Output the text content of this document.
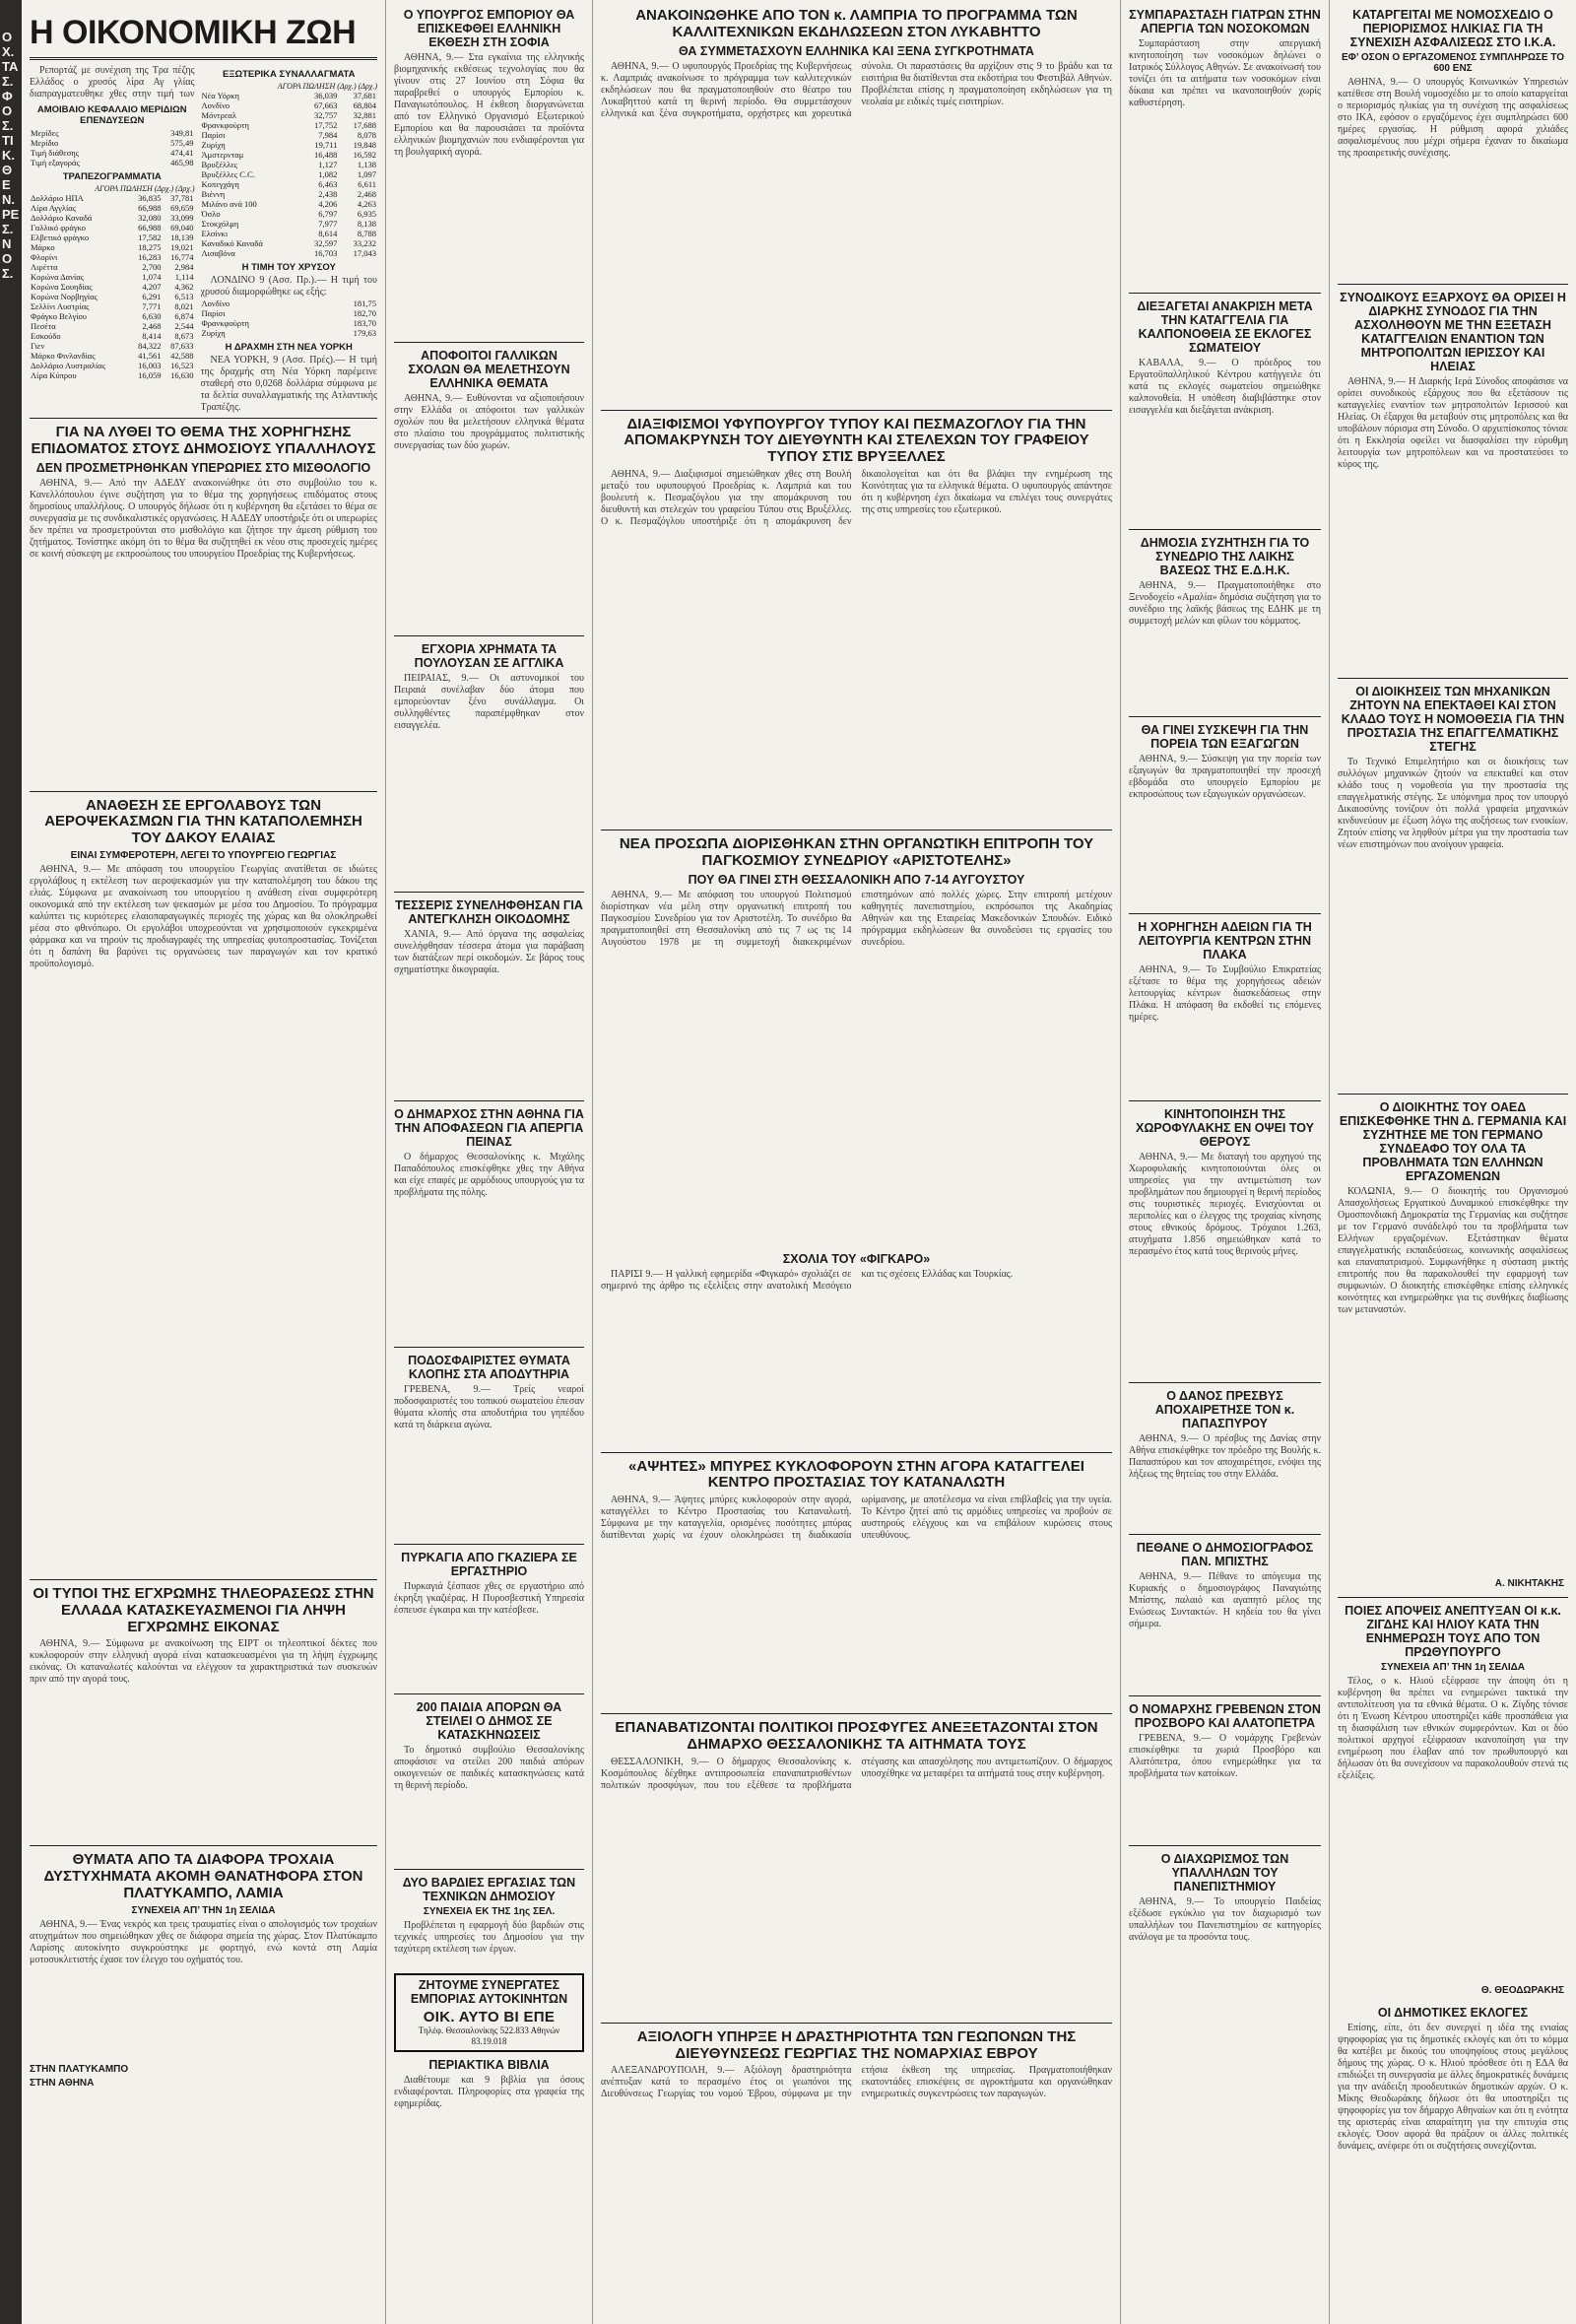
ΟΧ. ΤΑΣ. ΦΟΣ. ΤΙΚ. ΘΕΝ. ΡΕΣ. ΝΟΣ.
Η ΟΙΚΟΝΟΜΙΚΗ ΖΩΗ

Ρεπορτάζ με συνέχιση της Τρα πέζης Ελλάδος ο χρυσός λίρα Αγ γλίας διαπραγματευθηκε χθες στην τιμή των

ΑΜΟΙΒΑΙΟ ΚΕΦΑΛΑΙΟ ΜΕΡΙΔΙΩΝ ΕΠΕΝΔΥΣΕΩΝ
Μερίδες	349,81
Μερίδιο	575,49
Τιμή διάθεσης	474,41
Τιμή εξαγοράς	465,98
ΤΡΑΠΕΖΟΓΡΑΜΜΑΤΙΑ
ΑΓΟΡΑ ΠΩΛΗΣΗ (Δρχ.) (Δρχ.)
Δολλάριο ΗΠΑ	36,835	37,781
Λίρα Αγγλίας	66,988	69,659
Δολλάριο Καναδά	32,080	33,099
Γαλλικό φράγκο	66,988	69,040
Ελβετικό φράγκο	17,582	18,139
Μάρκο	18,275	19,021
Φλορίνι	16,283	16,774
Λιρέττα	2,700	2,984
Κορώνα Δανίας	1,074	1,114
Κορώνα Σουηδίας	4,207	4,362
Κορώνα Νορβηγίας	6,291	6,513
Σελλίνι Αυστρίας	7,771	8,021
Φράγκο Βελγίου	6,630	6,874
Πεσέτα	2,468	2,544
Εσκούδο	8,414	8,673
Γιεν	84,322	87,633
Μάρκο Φινλανδίας	41,561	42,588
Δολλάριο Αυστραλίας	16,003	16,523
Λίρα Κύπρου	16,059	16,630
ΕΞΩΤΕΡΙΚΑ ΣΥΝΑΛΛΑΓΜΑΤΑ
ΑΓΟΡΑ ΠΩΛΗΣΗ (Δρχ.) (Δρχ.)
Νέα Υόρκη	36,039	37,681
Λονδίνο	67,663	68,804
Μόντρεαλ	32,757	32,881
Φρανκφούρτη	17,752	17,688
Παρίσι	7,984	8,078
Ζυρίχη	19,711	19,848
Άμστερνταμ	16,488	16,592
Βρυξέλλες	1,127	1,138
Βρυξέλλες C.C.	1,082	1,097
Κοπεγχάγη	6,463	6,611
Βιέννη	2,438	2,468
Μιλάνο ανά 100	4,206	4,263
Όσλο	6,797	6,935
Στοκχόλμη	7,977	8,138
Ελσίνκι	8,614	8,788
Καναδικό Καναδά	32,597	33,232
Λισαβόνα	16,703	17,043
Η ΤΙΜΗ ΤΟΥ ΧΡΥΣΟΥ

ΛΟΝΔΙΝΟ 9 (Ασσ. Πρ.).— Η τιμή του χρυσού διαμορφώθηκε ως εξής:

Λονδίνο	181,75
Παρίσι	182,70
Φρανκφούρτη	183,70
Ζυρίχη	179,63
Η ΔΡΑΧΜΗ ΣΤΗ ΝΕΑ ΥΟΡΚΗ

ΝΕΑ ΥΟΡΚΗ, 9 (Ασσ. Πρές).— Η τιμή της δραχμής στη Νέα Υόρκη παρέμεινε σταθερή στο 0,0268 δολλάρια σύμφωνα με τα δελτία συναλλαγματικής της Ατλαντικής Τραπέζης.

ΓΙΑ ΝΑ ΛΥΘΕΙ ΤΟ ΘΕΜΑ ΤΗΣ ΧΟΡΗΓΗΣΗΣ ΕΠΙΔΟΜΑΤΟΣ ΣΤΟΥΣ ΔΗΜΟΣΙΟΥΣ ΥΠΑΛΛΗΛΟΥΣ
ΔΕΝ ΠΡΟΣΜΕΤΡΗΘΗΚΑΝ ΥΠΕΡΩΡΙΕΣ ΣΤΟ ΜΙΣΘΟΛΟΓΙΟ

ΑΘΗΝΑ, 9.— Από την ΑΔΕΔΥ ανακοινώθηκε ότι στο συμβούλιο του κ. Κανελλόπουλου έγινε συζήτηση για το θέμα της χορηγήσεως επιδόματος στους δημοσίους υπαλλήλους. Ο υπουργός δήλωσε ότι η κυβέρνηση θα εξετάσει το θέμα σε συνεργασία με τις συνδικαλιστικές οργανώσεις. Η ΑΔΕΔΥ υποστήριξε ότι οι υπερωρίες δεν πρέπει να προσμετρούνται στο μισθολόγιο και ζήτησε την άμεση ρύθμιση του ζητήματος. Τονίστηκε ακόμη ότι το θέμα θα συζητηθεί εκ νέου στις προσεχείς ημέρες σε κοινή σύσκεψη με εκπροσώπους του υπουργείου Προεδρίας της Κυβερνήσεως.

ΑΝΑΘΕΣΗ ΣΕ ΕΡΓΟΛΑΒΟΥΣ ΤΩΝ ΑΕΡΟΨΕΚΑΣΜΩΝ ΓΙΑ ΤΗΝ ΚΑΤΑΠΟΛΕΜΗΣΗ ΤΟΥ ΔΑΚΟΥ ΕΛΑΙΑΣ
ΕΙΝΑΙ ΣΥΜΦΕΡΟΤΕΡΗ, ΛΕΓΕΙ ΤΟ ΥΠΟΥΡΓΕΙΟ ΓΕΩΡΓΙΑΣ

ΑΘΗΝΑ, 9.— Με απόφαση του υπουργείου Γεωργίας ανατίθεται σε ιδιώτες εργολάβους η εκτέλεση των αεροψεκασμών για την καταπολέμηση του δάκου της ελιάς. Σύμφωνα με ανακοίνωση του υπουργείου η ανάθεση είναι συμφερότερη οικονομικά από την εκτέλεση των ψεκασμών με μέσα του Δημοσίου. Το πρόγραμμα καλύπτει τις κυριότερες ελαιοπαραγωγικές περιοχές της χώρας και θα ολοκληρωθεί μέσα στο φθινόπωρο. Οι εργολάβοι υποχρεούνται να χρησιμοποιούν εγκεκριμένα φάρμακα και να τηρούν τις προδιαγραφές της υπηρεσίας φυτοπροστασίας. Τονίζεται ότι η δαπάνη θα βαρύνει τις οργανώσεις των παραγωγών και τον κρατικό προϋπολογισμό.

ΟΙ ΤΥΠΟΙ ΤΗΣ ΕΓΧΡΩΜΗΣ ΤΗΛΕΟΡΑΣΕΩΣ ΣΤΗΝ ΕΛΛΑΔΑ ΚΑΤΑΣΚΕΥΑΣΜΕΝΟΙ ΓΙΑ ΛΗΨΗ ΕΓΧΡΩΜΗΣ ΕΙΚΟΝΑΣ

ΑΘΗΝΑ, 9.— Σύμφωνα με ανακοίνωση της ΕΙΡΤ οι τηλεοπτικοί δέκτες που κυκλοφορούν στην ελληνική αγορά είναι κατασκευασμένοι για τη λήψη έγχρωμης εικόνας. Οι καταναλωτές καλούνται να ελέγχουν τα χαρακτηριστικά των συσκευών πριν από την αγορά τους.

ΘΥΜΑΤΑ ΑΠΟ ΤΑ ΔΙΑΦΟΡΑ ΤΡΟΧΑΙΑ ΔΥΣΤΥΧΗΜΑΤΑ ΑΚΟΜΗ ΘΑΝΑΤΗΦΟΡΑ ΣΤΟΝ ΠΛΑΤΥΚΑΜΠΟ, ΛΑΜΙΑ
ΣΥΝΕΧΕΙΑ ΑΠ’ ΤΗΝ 1η ΣΕΛΙΔΑ

ΑΘΗΝΑ, 9.— Ένας νεκρός και τρεις τραυματίες είναι ο απολογισμός των τροχαίων ατυχημάτων που σημειώθηκαν χθες σε διάφορα σημεία της χώρας. Στον Πλατύκαμπο Λαρίσης αυτοκίνητο συγκρούστηκε με φορτηγό, ενώ κοντά στη Λαμία μοτοσυκλετιστής έχασε τον έλεγχο του οχήματός του.

ΣΤΗΝ ΠΛΑΤΥΚΑΜΠΟ
ΣΤΗΝ ΑΘΗΝΑ
Ο ΥΠΟΥΡΓΟΣ ΕΜΠΟΡΙΟΥ ΘΑ ΕΠΙΣΚΕΦΘΕΙ ΕΛΛΗΝΙΚΗ ΕΚΘΕΣΗ ΣΤΗ ΣΟΦΙΑ

ΑΘΗΝΑ, 9.— Στα εγκαίνια της ελληνικής βιομηχανικής εκθέσεως τεχνολογίας που θα γίνουν στις 27 Ιουνίου στη Σόφια θα παραβρεθεί ο υπουργός Εμπορίου κ. Παναγιωτόπουλος. Η έκθεση διοργανώνεται από τον Ελληνικό Οργανισμό Εξωτερικού Εμπορίου και θα παρουσιάσει τα προϊόντα ελληνικών βιομηχανιών που ενδιαφέρονται για τη βουλγαρική αγορά.

ΑΠΟΦΟΙΤΟΙ ΓΑΛΛΙΚΩΝ ΣΧΟΛΩΝ ΘΑ ΜΕΛΕΤΗΣΟΥΝ ΕΛΛΗΝΙΚΑ ΘΕΜΑΤΑ

ΑΘΗΝΑ, 9.— Ευθύνονται να αξιοποιήσουν στην Ελλάδα οι απόφοιτοι των γαλλικών σχολών που θα μελετήσουν ελληνικά θέματα στο πλαίσιο του προγράμματος πολιτιστικής συνεργασίας των δύο χωρών.

ΕΓΧΟΡΙΑ ΧΡΗΜΑΤΑ ΤΑ ΠΟΥΛΟΥΣΑΝ ΣΕ ΑΓΓΛΙΚΑ

ΠΕΙΡΑΙΑΣ, 9.— Οι αστυνομικοί του Πειραιά συνέλαβαν δύο άτομα που εμπορεύονταν ξένο συνάλλαγμα. Οι συλληφθέντες παραπέμφθηκαν στον εισαγγελέα.

ΤΕΣΣΕΡΙΣ ΣΥΝΕΛΗΦΘΗΣΑΝ ΓΙΑ ΑΝΤΕΓΚΛΗΣΗ ΟΙΚΟΔΟΜΗΣ

ΧΑΝΙΑ, 9.— Από όργανα της ασφαλείας συνελήφθησαν τέσσερα άτομα για παράβαση των διατάξεων περί οικοδομών. Σε βάρος τους σχηματίστηκε δικογραφία.

Ο ΔΗΜΑΡΧΟΣ ΣΤΗΝ ΑΘΗΝΑ ΓΙΑ ΤΗΝ ΑΠΟΦΑΣΕΩΝ ΓΙΑ ΑΠΕΡΓΙΑ ΠΕΙΝΑΣ

Ο δήμαρχος Θεσσαλονίκης κ. Μιχάλης Παπαδόπουλος επισκέφθηκε χθες την Αθήνα και είχε επαφές με αρμόδιους υπουργούς για τα προβλήματα της πόλης.

ΠΟΔΟΣΦΑΙΡΙΣΤΕΣ ΘΥΜΑΤΑ ΚΛΟΠΗΣ ΣΤΑ ΑΠΟΔΥΤΗΡΙΑ

ΓΡΕΒΕΝΑ, 9.— Τρείς νεαροί ποδοσφαιριστές του τοπικού σωματείου έπεσαν θύματα κλοπής στα αποδυτήρια του γηπέδου κατά τη διάρκεια αγώνα.

ΠΥΡΚΑΓΙΑ ΑΠΟ ΓΚΑΖΙΕΡΑ ΣΕ ΕΡΓΑΣΤΗΡΙΟ

Πυρκαγιά ξέσπασε χθες σε εργαστήριο από έκρηξη γκαζιέρας. Η Πυροσβεστική Υπηρεσία έσπευσε έγκαιρα και την κατέσβεσε.

200 ΠΑΙΔΙΑ ΑΠΟΡΩΝ ΘΑ ΣΤΕΙΛΕΙ Ο ΔΗΜΟΣ ΣΕ ΚΑΤΑΣΚΗΝΩΣΕΙΣ

Το δημοτικό συμβούλιο Θεσσαλονίκης αποφάσισε να στείλει 200 παιδιά απόρων οικογενειών σε παιδικές κατασκηνώσεις κατά τη θερινή περίοδο.

ΔΥΟ ΒΑΡΔΙΕΣ ΕΡΓΑΣΙΑΣ ΤΩΝ ΤΕΧΝΙΚΩΝ ΔΗΜΟΣΙΟΥ
ΣΥΝΕΧΕΙΑ ΕΚ ΤΗΣ 1ης ΣΕΛ.

Προβλέπεται η εφαρμογή δύο βαρδιών στις τεχνικές υπηρεσίες του Δημοσίου για την ταχύτερη εκτέλεση των έργων.

ΖΗΤΟΥΜΕ ΣΥΝΕΡΓΑΤΕΣ
ΕΜΠΟΡΙΑΣ ΑΥΤΟΚΙΝΗΤΩΝ
ΟΙΚ. ΑΥΤΟ ΒΙ ΕΠΕ
Τηλέφ. Θεσσαλονίκης 522.833 Αθηνών 83.19.018
ΠΕΡΙΑΚΤΙΚΑ ΒΙΒΛΙΑ

Διαθέτουμε και 9 βιβλία για όσους ενδιαφέρονται. Πληροφορίες στα γραφεία της εφημερίδας.

ΑΝΑΚΟΙΝΩΘΗΚΕ ΑΠΟ ΤΟΝ κ. ΛΑΜΠΡΙΑ ΤΟ ΠΡΟΓΡΑΜΜΑ ΤΩΝ ΚΑΛΛΙΤΕΧΝΙΚΩΝ ΕΚΔΗΛΩΣΕΩΝ ΣΤΟΝ ΛΥΚΑΒΗΤΤΟ
ΘΑ ΣΥΜΜΕΤΑΣΧΟΥΝ ΕΛΛΗΝΙΚΑ ΚΑΙ ΞΕΝΑ ΣΥΓΚΡΟΤΗΜΑΤΑ

ΑΘΗΝΑ, 9.— Ο υφυπουργός Προεδρίας της Κυβερνήσεως κ. Λαμπριάς ανακοίνωσε το πρόγραμμα των καλλιτεχνικών εκδηλώσεων που θα πραγματοποιηθούν στο θέατρο του Λυκαβηττού κατά τη θερινή περίοδο. Θα συμμετάσχουν ελληνικά και ξένα συγκροτήματα, ορχήστρες και χορευτικά σύνολα. Οι παραστάσεις θα αρχίζουν στις 9 το βράδυ και τα εισιτήρια θα διατίθενται στα εκδοτήρια του Φεστιβάλ Αθηνών. Προβλέπεται επίσης η πραγματοποίηση εκδηλώσεων για τη νεολαία με ειδικές τιμές εισιτηρίων.

ΔΙΑΞΙΦΙΣΜΟΙ ΥΦΥΠΟΥΡΓΟΥ ΤΥΠΟΥ ΚΑΙ ΠΕΣΜΑΖΟΓΛΟΥ ΓΙΑ ΤΗΝ ΑΠΟΜΑΚΡΥΝΣΗ ΤΟΥ ΔΙΕΥΘΥΝΤΗ ΚΑΙ ΣΤΕΛΕΧΩΝ ΤΟΥ ΓΡΑΦΕΙΟΥ ΤΥΠΟΥ ΣΤΙΣ ΒΡΥΞΕΛΛΕΣ

ΑΘΗΝΑ, 9.— Διαξιφισμοί σημειώθηκαν χθες στη Βουλή μεταξύ του υφυπουργού Προεδρίας κ. Λαμπριά και του βουλευτή κ. Πεσμαζόγλου για την απομάκρυνση του διευθυντή και στελεχών του γραφείου Τύπου στις Βρυξέλλες. Ο κ. Πεσμαζόγλου υποστήριξε ότι η απομάκρυνση δεν δικαιολογείται και ότι θα βλάψει την ενημέρωση της Κοινότητας για τα ελληνικά θέματα. Ο υφυπουργός απάντησε ότι η κυβέρνηση έχει δικαίωμα να επιλέγει τους συνεργάτες της στις υπηρεσίες του εξωτερικού.

ΝΕΑ ΠΡΟΣΩΠΑ ΔΙΟΡΙΣΘΗΚΑΝ ΣΤΗΝ ΟΡΓΑΝΩΤΙΚΗ ΕΠΙΤΡΟΠΗ ΤΟΥ ΠΑΓΚΟΣΜΙΟΥ ΣΥΝΕΔΡΙΟΥ «ΑΡΙΣΤΟΤΕΛΗΣ»
ΠΟΥ ΘΑ ΓΙΝΕΙ ΣΤΗ ΘΕΣΣΑΛΟΝΙΚΗ ΑΠΟ 7-14 ΑΥΓΟΥΣΤΟΥ

ΑΘΗΝΑ, 9.— Με απόφαση του υπουργού Πολιτισμού διορίστηκαν νέα μέλη στην οργανωτική επιτροπή του Παγκοσμίου Συνεδρίου για τον Αριστοτέλη. Το συνέδριο θα πραγματοποιηθεί στη Θεσσαλονίκη από τις 7 ως τις 14 Αυγούστου 1978 με τη συμμετοχή διακεκριμένων επιστημόνων από πολλές χώρες. Στην επιτροπή μετέχουν καθηγητές πανεπιστημίου, εκπρόσωποι της Ακαδημίας Αθηνών και της Εταιρείας Μακεδονικών Σπουδών. Ειδικό πρόγραμμα εκδηλώσεων θα συνοδεύσει τις εργασίες του συνεδρίου.

ΣΧΟΛΙΑ ΤΟΥ «ΦΙΓΚΑΡΟ»

ΠΑΡΙΣΙ 9.— Η γαλλική εφημερίδα «Φιγκαρό» σχολιάζει σε σημερινό της άρθρο τις εξελίξεις στην ανατολική Μεσόγειο και τις σχέσεις Ελλάδας και Τουρκίας.

«ΑΨΗΤΕΣ» ΜΠΥΡΕΣ ΚΥΚΛΟΦΟΡΟΥΝ ΣΤΗΝ ΑΓΟΡΑ ΚΑΤΑΓΓΕΛΕΙ ΚΕΝΤΡΟ ΠΡΟΣΤΑΣΙΑΣ ΤΟΥ ΚΑΤΑΝΑΛΩΤΗ

ΑΘΗΝΑ, 9.— Άψητες μπύρες κυκλοφορούν στην αγορά, καταγγέλλει το Κέντρο Προστασίας του Καταναλωτή. Σύμφωνα με την καταγγελία, ορισμένες ποσότητες μπύρας διατίθενται χωρίς να έχουν ολοκληρώσει τη διαδικασία ωρίμανσης, με αποτέλεσμα να είναι επιβλαβείς για την υγεία. Το Κέντρο ζητεί από τις αρμόδιες υπηρεσίες να προβούν σε αυστηρούς ελέγχους και να επιβάλουν κυρώσεις στους υπευθύνους.

ΕΠΑΝΑΒΑΤΙΖΟΝΤΑΙ ΠΟΛΙΤΙΚΟΙ ΠΡΟΣΦΥΓΕΣ ΑΝΕΞΕΤΑΖΟΝΤΑΙ ΣΤΟΝ ΔΗΜΑΡΧΟ ΘΕΣΣΑΛΟΝΙΚΗΣ ΤΑ ΑΙΤΗΜΑΤΑ ΤΟΥΣ

ΘΕΣΣΑΛΟΝΙΚΗ, 9.— Ο δήμαρχος Θεσσαλονίκης κ. Κοσμόπουλος δέχθηκε αντιπροσωπεία επαναπατρισθέντων πολιτικών προσφύγων, που του εξέθεσε τα προβλήματα στέγασης και απασχόλησης που αντιμετωπίζουν. Ο δήμαρχος υποσχέθηκε να μεταφέρει τα αιτήματά τους στην κυβέρνηση.

ΑΞΙΟΛΟΓΗ ΥΠΗΡΞΕ Η ΔΡΑΣΤΗΡΙΟΤΗΤΑ ΤΩΝ ΓΕΩΠΟΝΩΝ ΤΗΣ ΔΙΕΥΘΥΝΣΕΩΣ ΓΕΩΡΓΙΑΣ ΤΗΣ ΝΟΜΑΡΧΙΑΣ ΕΒΡΟΥ

ΑΛΕΞΑΝΔΡΟΥΠΟΛΗ, 9.— Αξιόλογη δραστηριότητα ανέπτυξαν κατά το περασμένο έτος οι γεωπόνοι της Διευθύνσεως Γεωργίας του νομού Έβρου, σύμφωνα με την ετήσια έκθεση της υπηρεσίας. Πραγματοποιήθηκαν εκατοντάδες επισκέψεις σε αγροκτήματα και οργανώθηκαν ενημερωτικές συγκεντρώσεις των παραγωγών.

ΣΥΜΠΑΡΑΣΤΑΣΗ ΓΙΑΤΡΩΝ ΣΤΗΝ ΑΠΕΡΓΙΑ ΤΩΝ ΝΟΣΟΚΟΜΩΝ

Συμπαράσταση στην απεργιακή κινητοποίηση των νοσοκόμων δηλώνει ο Ιατρικός Σύλλογος Αθηνών. Σε ανακοίνωσή του τονίζει ότι τα αιτήματα των νοσοκόμων είναι δίκαια και πρέπει να ικανοποιηθούν χωρίς καθυστέρηση.

ΔΙΕΞΑΓΕΤΑΙ ΑΝΑΚΡΙΣΗ ΜΕΤΑ ΤΗΝ ΚΑΤΑΓΓΕΛΙΑ ΓΙΑ ΚΑΛΠΟΝΟΘΕΙΑ ΣΕ ΕΚΛΟΓΕΣ ΣΩΜΑΤΕΙΟΥ

ΚΑΒΑΛΑ, 9.— Ο πρόεδρος του Εργατοϋπαλληλικού Κέντρου κατήγγειλε ότι κατά τις εκλογές σωματείου σημειώθηκε καλπονοθεία. Η υπόθεση διαβιβάστηκε στον εισαγγελέα και διεξάγεται ανάκριση.

ΔΗΜΟΣΙΑ ΣΥΖΗΤΗΣΗ ΓΙΑ ΤΟ ΣΥΝΕΔΡΙΟ ΤΗΣ ΛΑΙΚΗΣ ΒΑΣΕΩΣ ΤΗΣ Ε.Δ.Η.Κ.

ΑΘΗΝΑ, 9.— Πραγματοποιήθηκε στο Ξενοδοχείο «Αμαλία» δημόσια συζήτηση για το συνέδριο της λαϊκής βάσεως της ΕΔΗΚ με τη συμμετοχή μελών και φίλων του κόμματος.

ΘΑ ΓΙΝΕΙ ΣΥΣΚΕΨΗ ΓΙΑ ΤΗΝ ΠΟΡΕΙΑ ΤΩΝ ΕΞΑΓΩΓΩΝ

ΑΘΗΝΑ, 9.— Σύσκεψη για την πορεία των εξαγωγών θα πραγματοποιηθεί την προσεχή εβδομάδα στο υπουργείο Εμπορίου με εκπροσώπους των εξαγωγικών οργανώσεων.

Η ΧΟΡΗΓΗΣΗ ΑΔΕΙΩΝ ΓΙΑ ΤΗ ΛΕΙΤΟΥΡΓΙΑ ΚΕΝΤΡΩΝ ΣΤΗΝ ΠΛΑΚΑ

ΑΘΗΝΑ, 9.— Το Συμβούλιο Επικρατείας εξέτασε το θέμα της χορηγήσεως αδειών λειτουργίας κέντρων διασκεδάσεως στην Πλάκα. Η απόφαση θα εκδοθεί τις επόμενες ημέρες.

ΚΙΝΗΤΟΠΟΙΗΣΗ ΤΗΣ ΧΩΡΟΦΥΛΑΚΗΣ ΕΝ ΟΨΕΙ ΤΟΥ ΘΕΡΟΥΣ

ΑΘΗΝΑ, 9.— Με διαταγή του αρχηγού της Χωροφυλακής κινητοποιούνται όλες οι υπηρεσίες για την αντιμετώπιση των προβλημάτων που δημιουργεί η θερινή περίοδος στις τουριστικές περιοχές. Ενισχύονται οι περιπολίες και ο έλεγχος της τροχαίας κίνησης στους εθνικούς δρόμους. Τρόχαιοι 1.263, ατυχήματα 1.856 σημειώθηκαν κατά το περασμένο έτος κατά τους θερινούς μήνες.

Ο ΔΑΝΟΣ ΠΡΕΣΒΥΣ ΑΠΟΧΑΙΡΕΤΗΣΕ ΤΟΝ κ. ΠΑΠΑΣΠΥΡΟΥ

ΑΘΗΝΑ, 9.— Ο πρέσβυς της Δανίας στην Αθήνα επισκέφθηκε τον πρόεδρο της Βουλής κ. Παπασπύρου και τον αποχαιρέτησε, ενόψει της λήξεως της θητείας του στην Ελλάδα.

ΠΕΘΑΝΕ Ο ΔΗΜΟΣΙΟΓΡΑΦΟΣ ΠΑΝ. ΜΠΙΣΤΗΣ

ΑΘΗΝΑ, 9.— Πέθανε το απόγευμα της Κυριακής ο δημοσιογράφος Παναγιώτης Μπίστης, παλαιό και αγαπητό μέλος της Ενώσεως Συντακτών. Η κηδεία του θα γίνει σήμερα.

Ο ΝΟΜΑΡΧΗΣ ΓΡΕΒΕΝΩΝ ΣΤΟΝ ΠΡΟΣΒΟΡΟ ΚΑΙ ΑΛΑΤΟΠΕΤΡΑ

ΓΡΕΒΕΝΑ, 9.— Ο νομάρχης Γρεβενών επισκέφθηκε τα χωριά Προσβόρο και Αλατόπετρα, όπου ενημερώθηκε για τα προβλήματα των κατοίκων.

Ο ΔΙΑΧΩΡΙΣΜΟΣ ΤΩΝ ΥΠΑΛΛΗΛΩΝ ΤΟΥ ΠΑΝΕΠΙΣΤΗΜΙΟΥ

ΑΘΗΝΑ, 9.— Το υπουργείο Παιδείας εξέδωσε εγκύκλιο για τον διαχωρισμό των υπαλλήλων του Πανεπιστημίου σε κατηγορίες ανάλογα με τα προσόντα τους.

ΚΑΤΑΡΓΕΙΤΑΙ ΜΕ ΝΟΜΟΣΧΕΔΙΟ Ο ΠΕΡΙΟΡΙΣΜΟΣ ΗΛΙΚΙΑΣ ΓΙΑ ΤΗ ΣΥΝΕΧΙΣΗ ΑΣΦΑΛΙΣΕΩΣ ΣΤΟ Ι.Κ.Α.
ΕΦ’ ΟΣΟΝ Ο ΕΡΓΑΖΟΜΕΝΟΣ ΣΥΜΠΛΗΡΩΣΕ ΤΟ 600 ΕΝΣ

ΑΘΗΝΑ, 9.— Ο υπουργός Κοινωνικών Υπηρεσιών κατέθεσε στη Βουλή νομοσχέδιο με το οποίο καταργείται ο περιορισμός ηλικίας για τη συνέχιση της ασφαλίσεως στο ΙΚΑ, εφόσον ο εργαζόμενος έχει συμπληρώσει 600 ημέρες εργασίας. Η ρύθμιση αφορά χιλιάδες ασφαλισμένους που μέχρι σήμερα έχαναν το δικαίωμα της προαιρετικής συνέχισης.

ΣΥΝΟΔΙΚΟΥΣ ΕΞΑΡΧΟΥΣ ΘΑ ΟΡΙΣΕΙ Η ΔΙΑΡΚΗΣ ΣΥΝΟΔΟΣ ΓΙΑ ΤΗΝ ΑΣΧΟΛΗΘΟΥΝ ΜΕ ΤΗΝ ΕΞΕΤΑΣΗ ΚΑΤΑΓΓΕΛΙΩΝ ΕΝΑΝΤΙΟΝ ΤΩΝ ΜΗΤΡΟΠΟΛΙΤΩΝ ΙΕΡΙΣΣΟΥ ΚΑΙ ΗΛΕΙΑΣ

ΑΘΗΝΑ, 9.— Η Διαρκής Ιερά Σύνοδος αποφάσισε να ορίσει συνοδικούς εξάρχους που θα εξετάσουν τις καταγγελίες εναντίον των μητροπολιτών Ιερισσού και Ηλείας. Οι έξαρχοι θα μεταβούν στις μητροπόλεις και θα υποβάλουν πόρισμα στη Σύνοδο. Ο αρχιεπίσκοπος τόνισε ότι η Εκκλησία οφείλει να διασφαλίσει την εύρυθμη λειτουργία των μητροπόλεων και να προστατεύσει το κύρος της.

ΟΙ ΔΙΟΙΚΗΣΕΙΣ ΤΩΝ ΜΗΧΑΝΙΚΩΝ ΖΗΤΟΥΝ ΝΑ ΕΠΕΚΤΑΘΕΙ ΚΑΙ ΣΤΟΝ ΚΛΑΔΟ ΤΟΥΣ Η ΝΟΜΟΘΕΣΙΑ ΓΙΑ ΤΗΝ ΠΡΟΣΤΑΣΙΑ ΤΗΣ ΕΠΑΓΓΕΛΜΑΤΙΚΗΣ ΣΤΕΓΗΣ

Το Τεχνικό Επιμελητήριο και οι διοικήσεις των συλλόγων μηχανικών ζητούν να επεκταθεί και στον κλάδο τους η νομοθεσία για την προστασία της επαγγελματικής στέγης. Σε υπόμνημα προς τον υπουργό Δικαιοσύνης τονίζουν ότι πολλά γραφεία μηχανικών κινδυνεύουν με έξωση λόγω της αυξήσεως των ενοικίων. Ζητούν επίσης να ληφθούν μέτρα για την προστασία των νέων επιστημόνων που ανοίγουν γραφεία.

Ο ΔΙΟΙΚΗΤΗΣ ΤΟΥ ΟΑΕΔ ΕΠΙΣΚΕΦΘΗΚΕ ΤΗΝ Δ. ΓΕΡΜΑΝΙΑ ΚΑΙ ΣΥΖΗΤΗΣΕ ΜΕ ΤΟΝ ΓΕΡΜΑΝΟ ΣΥΝΔΕΑΦΟ ΤΟΥ ΟΛΑ ΤΑ ΠΡΟΒΛΗΜΑΤΑ ΤΩΝ ΕΛΛΗΝΩΝ ΕΡΓΑΖΟΜΕΝΩΝ

ΚΟΛΩΝΙΑ, 9.— Ο διοικητής του Οργανισμού Απασχολήσεως Εργατικού Δυναμικού επισκέφθηκε την Ομοσπονδιακή Δημοκρατία της Γερμανίας και συζήτησε με τον Γερμανό συνάδελφό του τα προβλήματα των Ελλήνων εργαζομένων. Εξετάστηκαν θέματα επαγγελματικής εκπαιδεύσεως, κοινωνικής ασφαλίσεως και επαναπατρισμού. Συμφωνήθηκε η σύσταση μικτής επιτροπής που θα παρακολουθεί την εφαρμογή των συμφωνιών. Ο διοικητής επισκέφθηκε επίσης ελληνικές κοινότητες και ενημερώθηκε για τις συνθήκες διαβίωσης των μεταναστών.

Α. ΝΙΚΗΤΑΚΗΣ
ΠΟΙΕΣ ΑΠΟΨΕΙΣ ΑΝΕΠΤΥΞΑΝ ΟΙ κ.κ. ΖΙΓΔΗΣ ΚΑΙ ΗΛΙΟΥ ΚΑΤΑ ΤΗΝ ΕΝΗΜΕΡΩΣΗ ΤΟΥΣ ΑΠΟ ΤΟΝ ΠΡΩΘΥΠΟΥΡΓΟ
ΣΥΝΕΧΕΙΑ ΑΠ’ ΤΗΝ 1η ΣΕΛΙΔΑ

Τέλος, ο κ. Ηλιού εξέφρασε την άποψη ότι η κυβέρνηση θα πρέπει να ενημερώνει τακτικά την αντιπολίτευση για τα εθνικά θέματα. Ο κ. Ζίγδης τόνισε ότι η Ένωση Κέντρου υποστηρίζει κάθε προσπάθεια για τη διασφάλιση των εθνικών συμφερόντων. Και οι δύο πολιτικοί αρχηγοί εξέφρασαν ικανοποίηση για την ενημέρωση που έλαβαν από τον πρωθυπουργό και δήλωσαν ότι θα συνεχίσουν να παρακολουθούν στενά τις εξελίξεις.

Θ. ΘΕΟΔΩΡΑΚΗΣ
ΟΙ ΔΗΜΟΤΙΚΕΣ ΕΚΛΟΓΕΣ

Επίσης, είπε, ότι δεν συνεργεί η ιδέα της ενιαίας ψηφοφορίας για τις δημοτικές εκλογές και ότι το κόμμα θα κατέβει με δικούς του υποψηφίους στους μεγάλους δήμους της χώρας. Ο κ. Ηλιού πρόσθεσε ότι η ΕΔΑ θα επιδιώξει τη συνεργασία με άλλες δημοκρατικές δυνάμεις για την ανάδειξη προοδευτικών δημοτικών αρχών. Ο κ. Μίκης Θεοδωράκης δήλωσε ότι θα υποστηρίξει τις ψηφοφορίες για τον δήμαρχο Αθηναίων και ότι η ενότητα της αριστεράς είναι απαραίτητη για την επιτυχία στις εκλογές. Όσον αφορά θα πράξουν οι άλλες πολιτικές δυνάμεις, ανέφερε ότι οι συζητήσεις συνεχίζονται.
